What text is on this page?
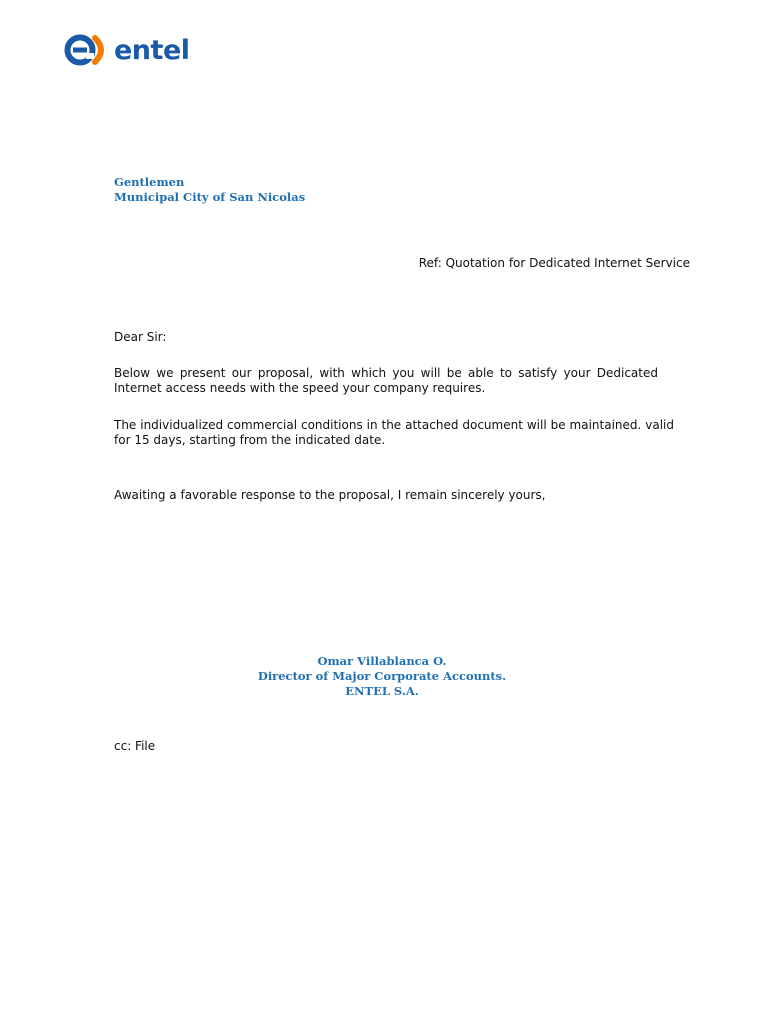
entel
Gentlemen
Municipal City of San Nicolas
Ref: Quotation for Dedicated Internet Service
Dear Sir:
Below we present our proposal, with which you will be able to satisfy your Dedicated Internet access needs with the speed your company requires.
The individualized commercial conditions in the attached document will be maintained. valid for 15 days, starting from the indicated date.
Awaiting a favorable response to the proposal, I remain sincerely yours,
Omar Villablanca O.
Director of Major Corporate Accounts.
ENTEL S.A.
cc: File
